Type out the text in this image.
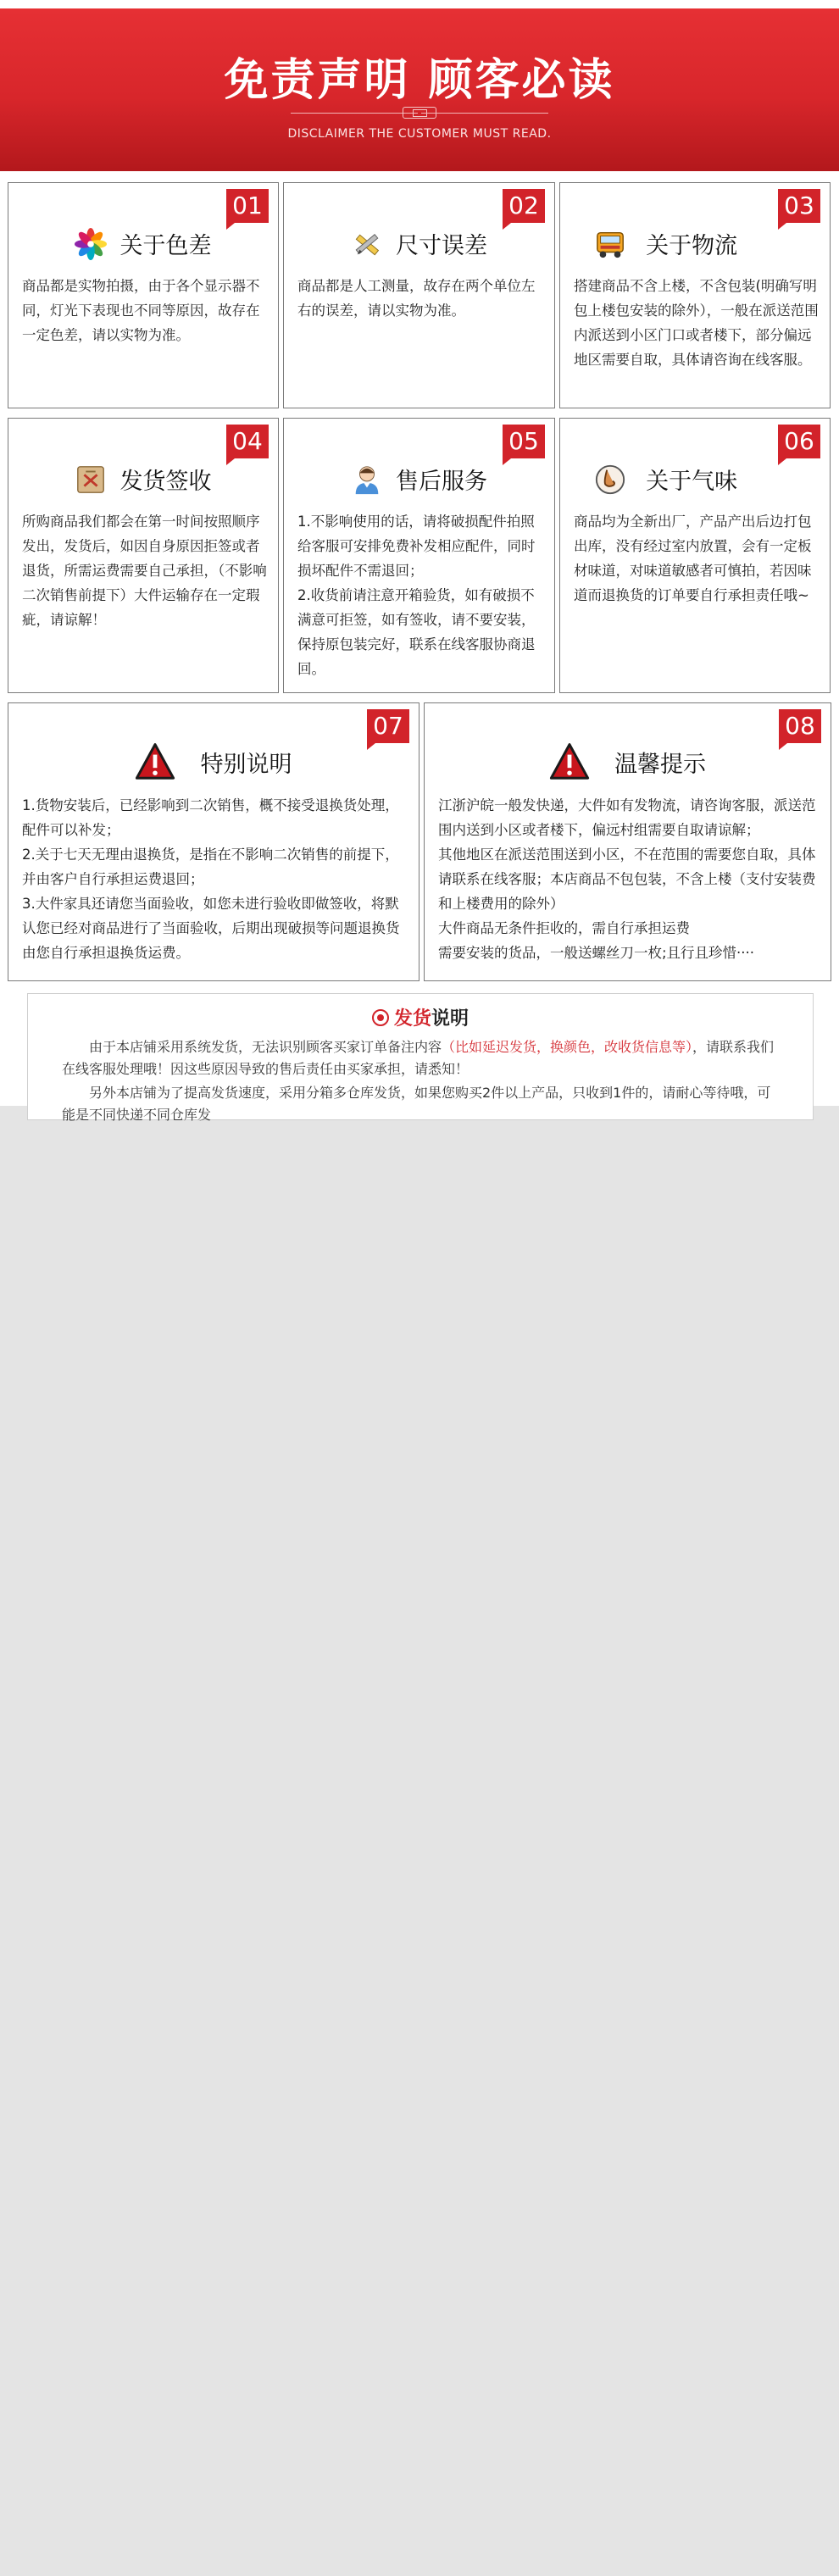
免责声明 顾客必读
DISCLAIMER THE CUSTOMER MUST READ.
01
关于色差

商品都是实物拍摄，由于各个显示器不同，灯光下表现也不同等原因，故存在一定色差，请以实物为准。

02
尺寸误差

商品都是人工测量，故存在两个单位左右的误差，请以实物为准。

03
关于物流

搭建商品不含上楼，不含包装(明确写明包上楼包安装的除外），一般在派送范围内派送到小区门口或者楼下，部分偏远地区需要自取，具体请咨询在线客服。

04
发货签收

所购商品我们都会在第一时间按照顺序发出，发货后，如因自身原因拒签或者退货，所需运费需要自己承担，（不影响二次销售前提下）大件运输存在一定瑕疵，请谅解！

05
售后服务

1.不影响使用的话，请将破损配件拍照给客服可安排免费补发相应配件，同时损坏配件不需退回；

2.收货前请注意开箱验货，如有破损不满意可拒签，如有签收，请不要安装，保持原包装完好，联系在线客服协商退回。

06
关于气味

商品均为全新出厂，产品产出后边打包出库，没有经过室内放置，会有一定板材味道，对味道敏感者可慎拍，若因味道而退换货的订单要自行承担责任哦~

07
特别说明

1.货物安装后，已经影响到二次销售，概不接受退换货处理，配件可以补发；

2.关于七天无理由退换货，是指在不影响二次销售的前提下，并由客户自行承担运费退回；

3.大件家具还请您当面验收，如您未进行验收即做签收，将默认您已经对商品进行了当面验收，后期出现破损等问题退换货由您自行承担退换货运费。

08
温馨提示

江浙沪皖一般发快递，大件如有发物流，请咨询客服，派送范围内送到小区或者楼下，偏远村组需要自取请谅解；

其他地区在派送范围送到小区，不在范围的需要您自取，具体请联系在线客服；本店商品不包包装，不含上楼（支付安装费和上楼费用的除外）

大件商品无条件拒收的，需自行承担运费

需要安装的货品，一般送螺丝刀一枚;且行且珍惜····

发货说明
由于本店铺采用系统发货，无法识别顾客买家订单备注内容（比如延迟发货，换颜色，改收货信息等），请联系我们在线客服处理哦！因这些原因导致的售后责任由买家承担，请悉知！
另外本店铺为了提高发货速度，采用分箱多仓库发货，如果您购买2件以上产品，只收到1件的，请耐心等待哦，可能是不同快递不同仓库发
